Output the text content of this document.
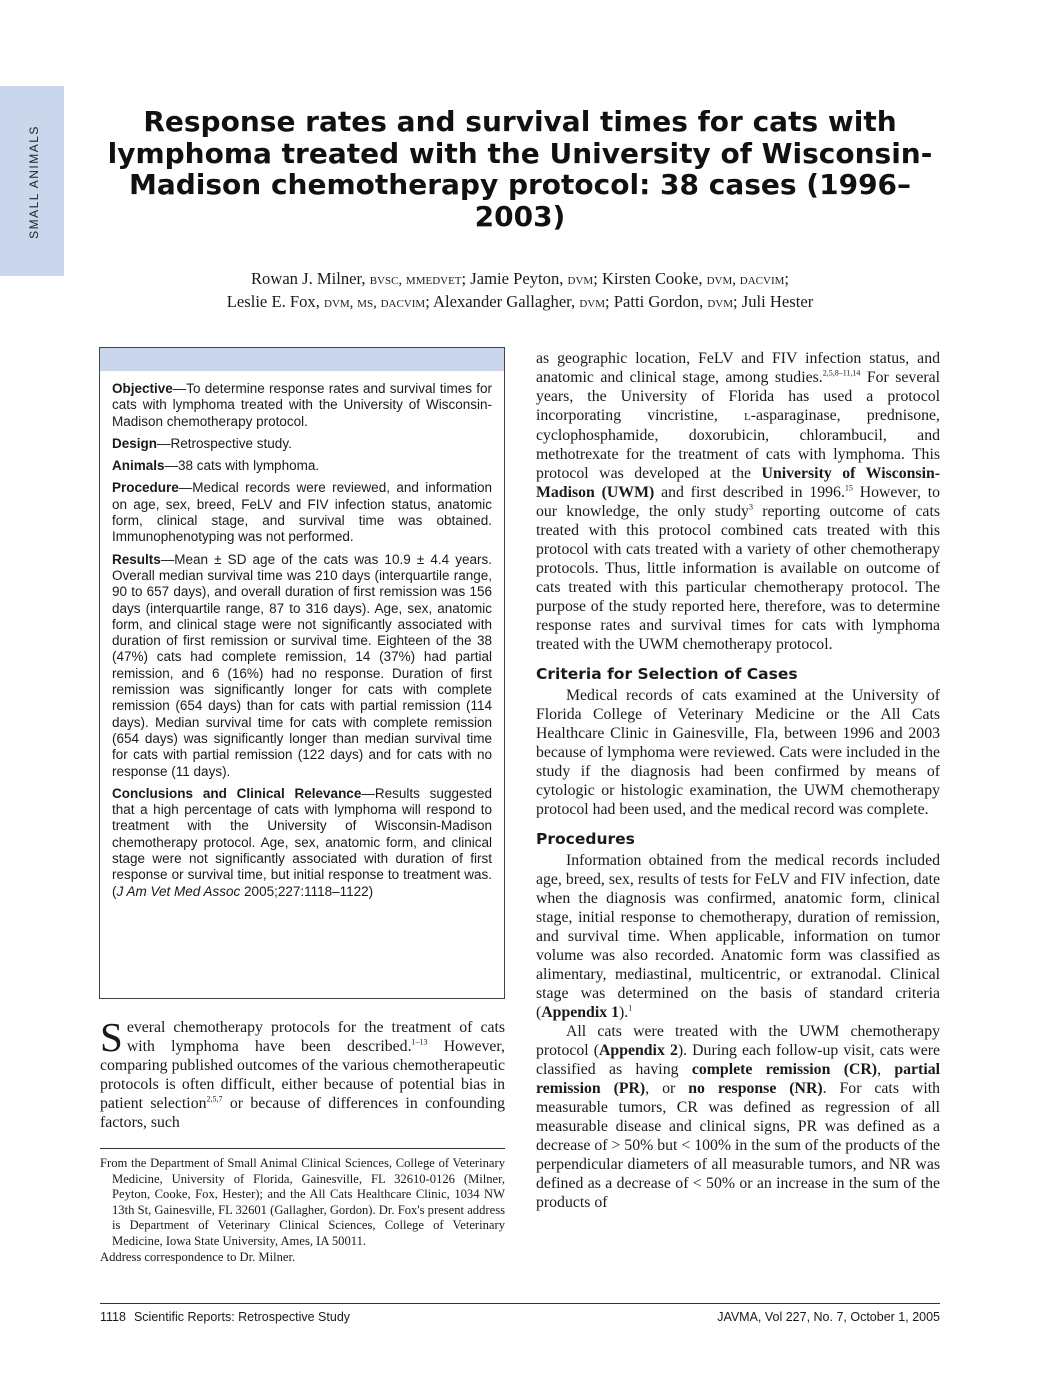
SMALL ANIMALS
Response rates and survival times for cats with lymphoma treated with the University of Wisconsin-Madison chemotherapy protocol: 38 cases (1996–2003)
Rowan J. Milner, bvsc, mmedvet; Jamie Peyton, dvm; Kirsten Cooke, dvm, dacvim;
Leslie E. Fox, dvm, ms, dacvim; Alexander Gallagher, dvm; Patti Gordon, dvm; Juli Hester

Objective—To determine response rates and survival times for cats with lymphoma treated with the University of Wisconsin-Madison chemotherapy protocol.

Design—Retrospective study.

Animals—38 cats with lymphoma.

Procedure—Medical records were reviewed, and information on age, sex, breed, FeLV and FIV infection status, anatomic form, clinical stage, and survival time was obtained. Immunophenotyping was not performed.

Results—Mean ± SD age of the cats was 10.9 ± 4.4 years. Overall median survival time was 210 days (interquartile range, 90 to 657 days), and overall duration of first remission was 156 days (interquartile range, 87 to 316 days). Age, sex, anatomic form, and clinical stage were not significantly associated with duration of first remission or survival time. Eighteen of the 38 (47%) cats had complete remission, 14 (37%) had partial remission, and 6 (16%) had no response. Duration of first remission was significantly longer for cats with complete remission (654 days) than for cats with partial remission (114 days). Median survival time for cats with complete remission (654 days) was significantly longer than median survival time for cats with partial remission (122 days) and for cats with no response (11 days).

Conclusions and Clinical Relevance—Results suggested that a high percentage of cats with lymphoma will respond to treatment with the University of Wisconsin-Madison chemotherapy protocol. Age, sex, anatomic form, and clinical stage were not significantly associated with duration of first response or survival time, but initial response to treatment was. (J Am Vet Med Assoc 2005;227:1118–1122)

Several chemotherapy protocols for the treatment of cats with lymphoma have been described.$^{1-13}$ However, comparing published outcomes of the various chemotherapeutic protocols is often difficult, either because of potential bias in patient selection$^{2,5,7}$ or because of differences in confounding factors, such

From the Department of Small Animal Clinical Sciences, College of Veterinary Medicine, University of Florida, Gainesville, FL 32610-0126 (Milner, Peyton, Cooke, Fox, Hester); and the All Cats Healthcare Clinic, 1034 NW 13th St, Gainesville, FL 32601 (Gallagher, Gordon). Dr. Fox's present address is Department of Veterinary Clinical Sciences, College of Veterinary Medicine, Iowa State University, Ames, IA 50011.

Address correspondence to Dr. Milner.

as geographic location, FeLV and FIV infection status, and anatomic and clinical stage, among studies.$^{2,5,8-11,14}$ For several years, the University of Florida has used a protocol incorporating vincristine, l-asparaginase, prednisone, cyclophosphamide, doxorubicin, chlorambucil, and methotrexate for the treatment of cats with lymphoma. This protocol was developed at the University of Wisconsin-Madison (UWM) and first described in 1996.15 However, to our knowledge, the only study$^3$ reporting outcome of cats treated with this protocol combined cats treated with this protocol with cats treated with a variety of other chemotherapy protocols. Thus, little information is available on outcome of cats treated with this particular chemotherapy protocol. The purpose of the study reported here, therefore, was to determine response rates and survival times for cats with lymphoma treated with the UWM chemotherapy protocol.

Criteria for Selection of Cases

Medical records of cats examined at the University of Florida College of Veterinary Medicine or the All Cats Healthcare Clinic in Gainesville, Fla, between 1996 and 2003 because of lymphoma were reviewed. Cats were included in the study if the diagnosis had been confirmed by means of cytologic or histologic examination, the UWM chemotherapy protocol had been used, and the medical record was complete.

Procedures

Information obtained from the medical records included age, breed, sex, results of tests for FeLV and FIV infection, date when the diagnosis was confirmed, anatomic form, clinical stage, initial response to chemotherapy, duration of remission, and survival time. When applicable, information on tumor volume was also recorded. Anatomic form was classified as alimentary, mediastinal, multicentric, or extranodal. Clinical stage was determined on the basis of standard criteria (Appendix 1).$^1$

All cats were treated with the UWM chemotherapy protocol (Appendix 2). During each follow-up visit, cats were classified as having complete remission (CR), partial remission (PR), or no response (NR). For cats with measurable tumors, CR was defined as regression of all measurable disease and clinical signs, PR was defined as a decrease of > 50% but < 100% in the sum of the products of the perpendicular diameters of all measurable tumors, and NR was defined as a decrease of < 50% or an increase in the sum of the products of

1118 Scientific Reports: Retrospective Study	JAVMA, Vol 227, No. 7, October 1, 2005
